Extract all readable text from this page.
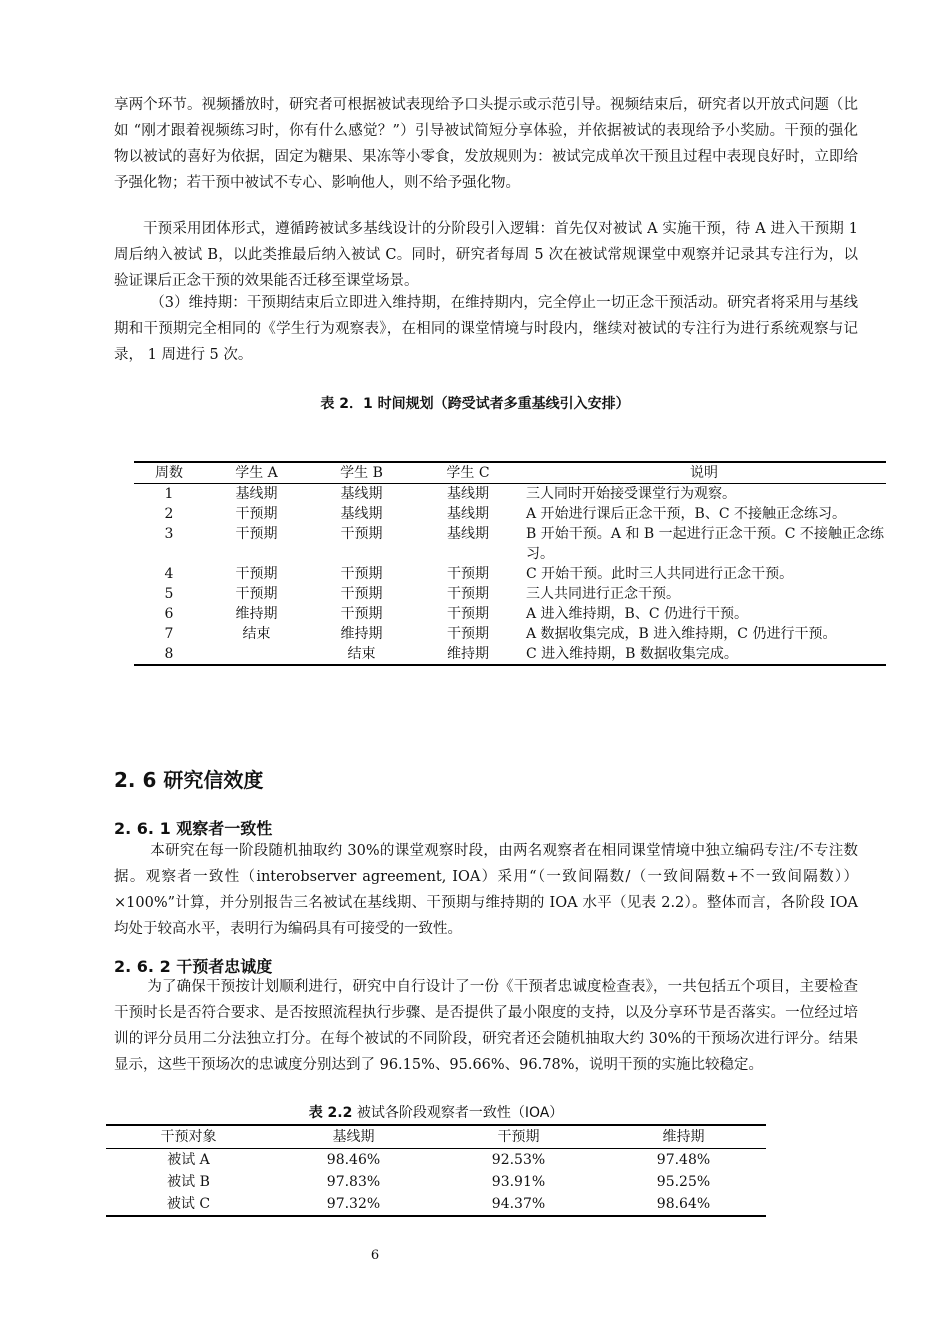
享两个环节。视频播放时，研究者可根据被试表现给予口头提示或示范引导。视频结束后，研究者以开放式问题（比如 “刚才跟着视频练习时，你有什么感觉？”）引导被试简短分享体验，并依据被试的表现给予小奖励。干预的强化物以被试的喜好为依据，固定为糖果、果冻等小零食，发放规则为：被试完成单次干预且过程中表现良好时，立即给予强化物；若干预中被试不专心、影响他人，则不给予强化物。

干预采用团体形式，遵循跨被试多基线设计的分阶段引入逻辑：首先仅对被试 A 实施干预，待 A 进入干预期 1 周后纳入被试 B，以此类推最后纳入被试 C。同时，研究者每周 5 次在被试常规课堂中观察并记录其专注行为，以验证课后正念干预的效果能否迁移至课堂场景。

（3）维持期：干预期结束后立即进入维持期，在维持期内，完全停止一切正念干预活动。研究者将采用与基线期和干预期完全相同的《学生行为观察表》，在相同的课堂情境与时段内，继续对被试的专注行为进行系统观察与记录， 1 周进行 5 次。

表 2．1 时间规划（跨受试者多重基线引入安排）
周数	学生 A	学生 B	学生 C	说明
1	基线期	基线期	基线期	三人同时开始接受课堂行为观察。
2	干预期	基线期	基线期	A 开始进行课后正念干预，B、C 不接触正念练习。
3	干预期	干预期	基线期	B 开始干预。A 和 B 一起进行正念干预。C 不接触正念练习。
4	干预期	干预期	干预期	C 开始干预。此时三人共同进行正念干预。
5	干预期	干预期	干预期	三人共同进行正念干预。
6	维持期	干预期	干预期	A 进入维持期，B、C 仍进行干预。
7	结束	维持期	干预期	A 数据收集完成，B 进入维持期，C 仍进行干预。
8		结束	维持期	C 进入维持期，B 数据收集完成。
2. 6 研究信效度
2. 6. 1 观察者一致性

本研究在每一阶段随机抽取约 30%的课堂观察时段，由两名观察者在相同课堂情境中独立编码专注/不专注数据。观察者一致性（interobserver agreement, IOA）采用“（一致间隔数/（一致间隔数+不一致间隔数））×100%”计算，并分别报告三名被试在基线期、干预期与维持期的 IOA 水平（见表 2.2）。整体而言，各阶段 IOA 均处于较高水平，表明行为编码具有可接受的一致性。

2. 6. 2 干预者忠诚度

为了确保干预按计划顺利进行，研究中自行设计了一份《干预者忠诚度检查表》，一共包括五个项目，主要检查干预时长是否符合要求、是否按照流程执行步骤、是否提供了最小限度的支持，以及分享环节是否落实。一位经过培训的评分员用二分法独立打分。在每个被试的不同阶段，研究者还会随机抽取大约 30%的干预场次进行评分。结果显示，这些干预场次的忠诚度分别达到了 96.15%、95.66%、96.78%，说明干预的实施比较稳定。

表 2.2 被试各阶段观察者一致性（IOA）
干预对象	基线期	干预期	维持期
被试 A	98.46%	92.53%	97.48%
被试 B	97.83%	93.91%	95.25%
被试 C	97.32%	94.37%	98.64%
6
